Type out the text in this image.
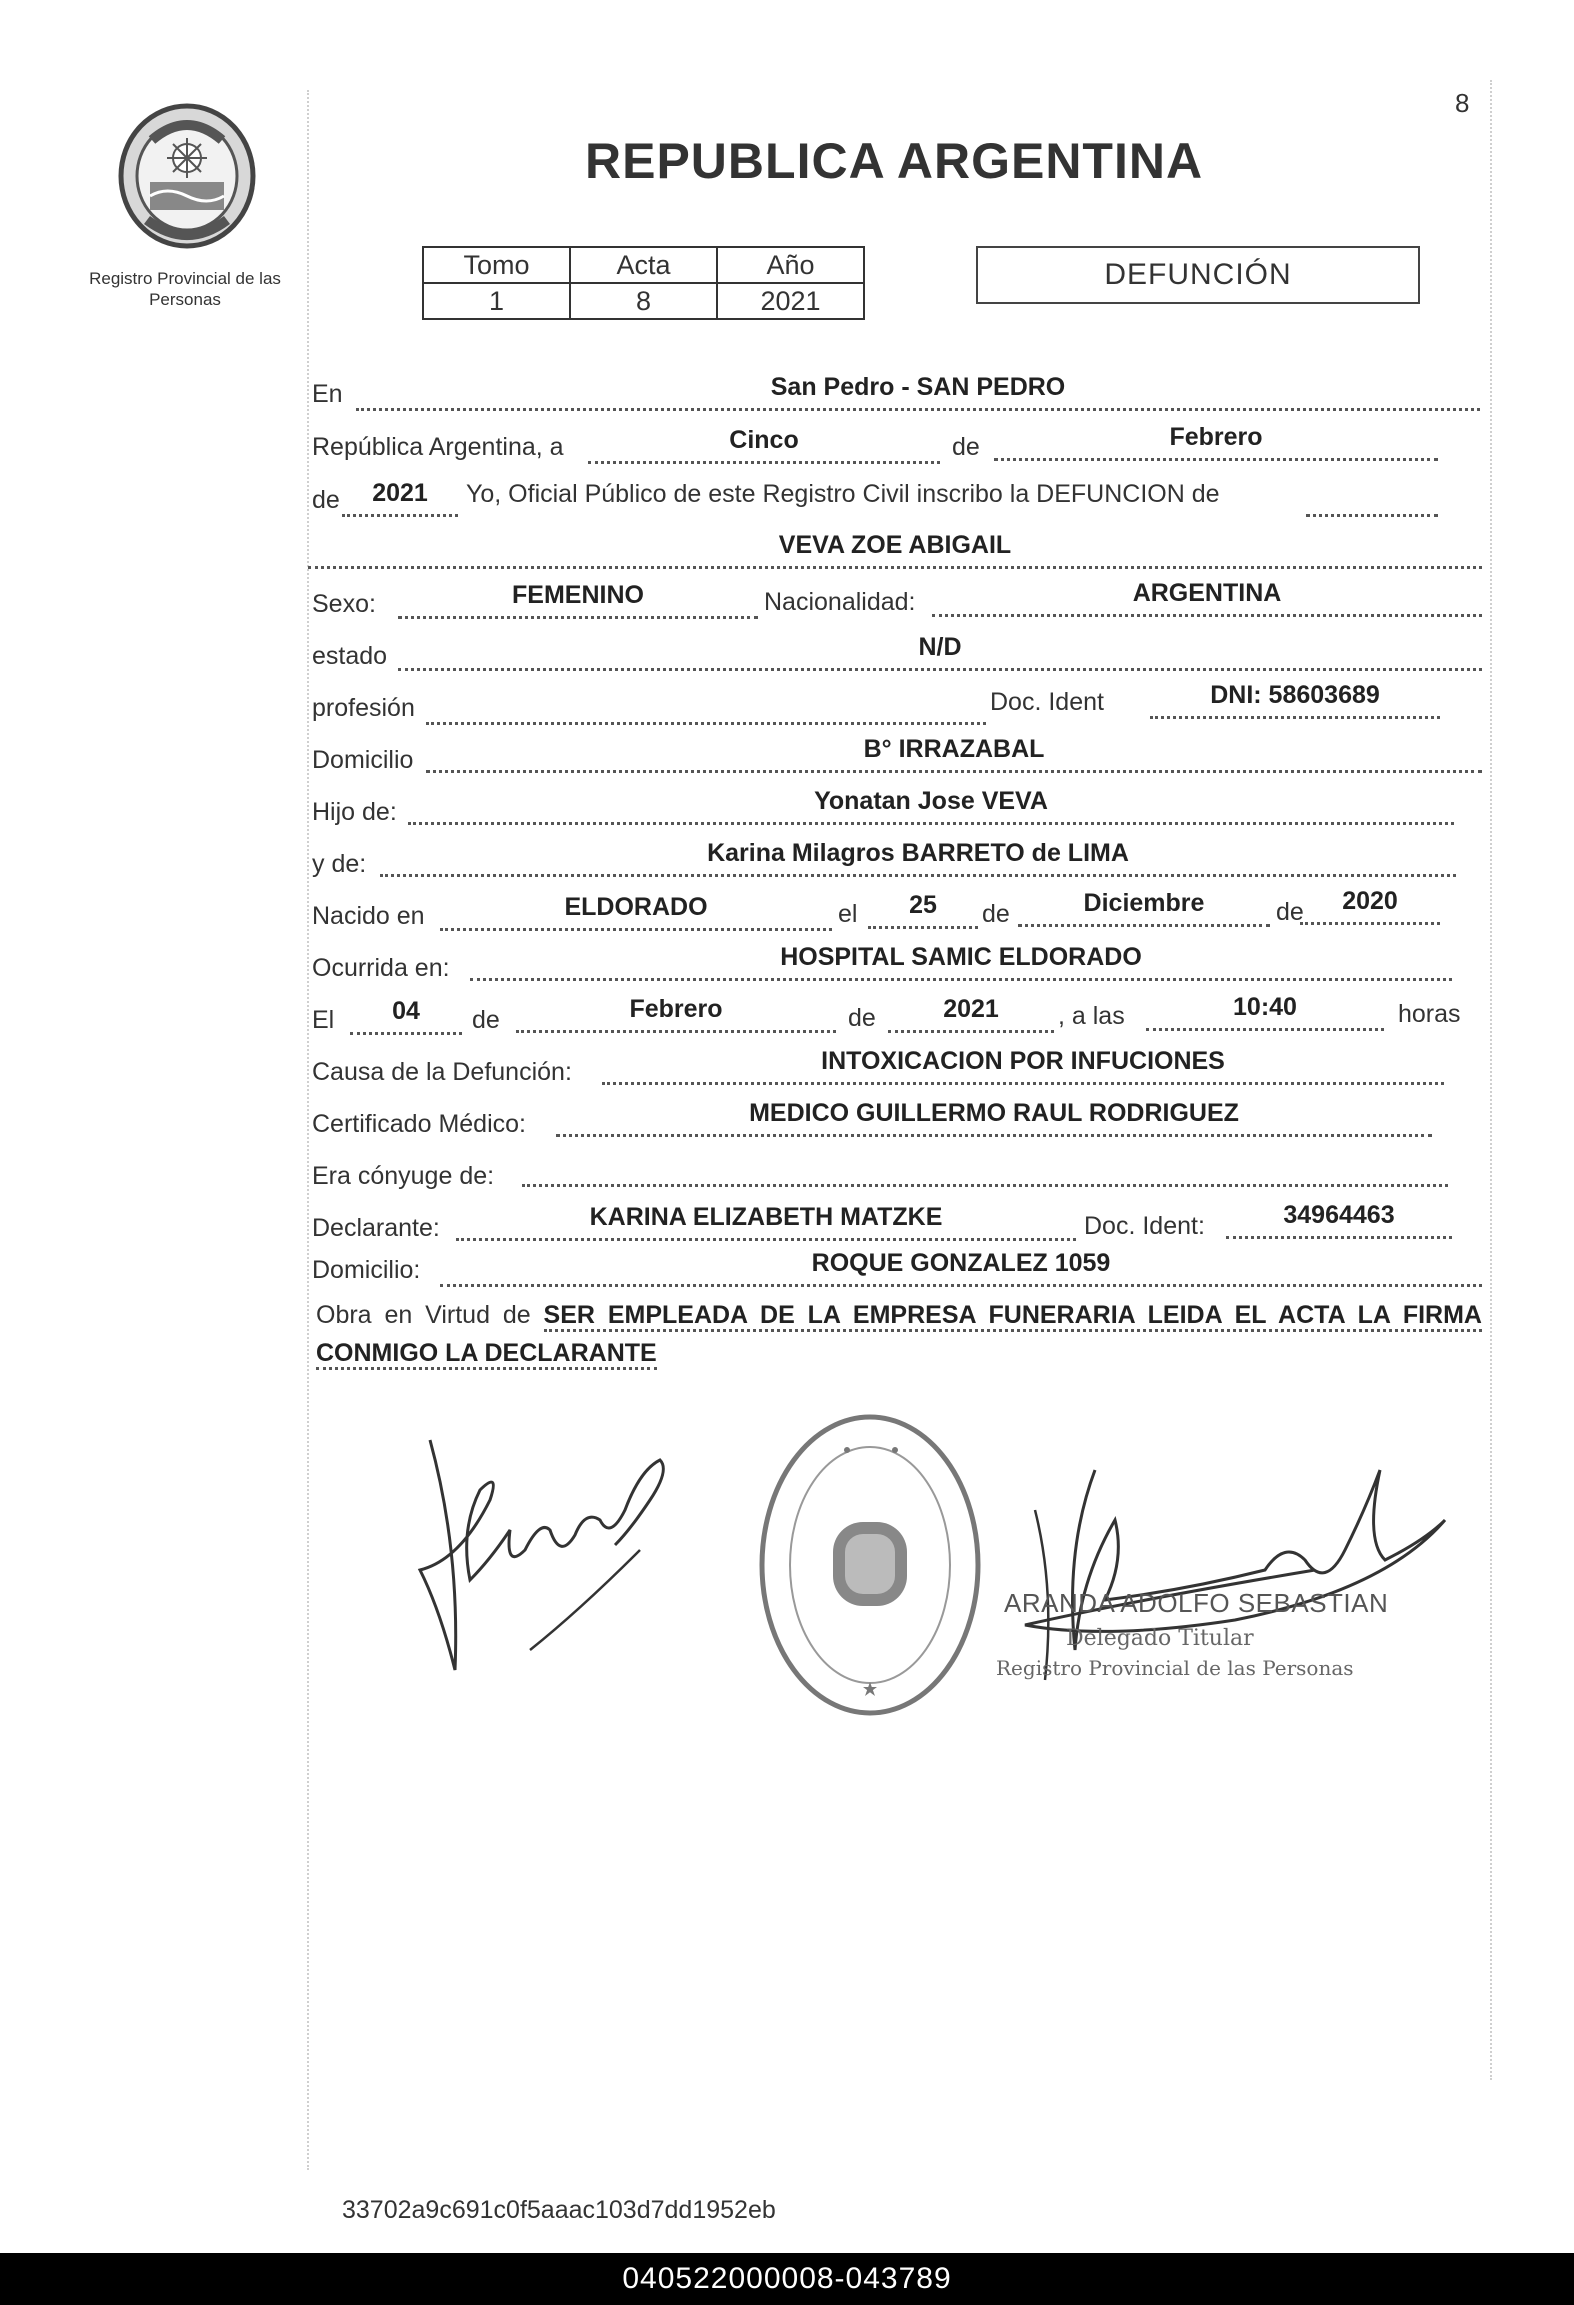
8
Registro Provincial de las Personas
REPUBLICA ARGENTINA
Tomo	Acta	Año
1	8	2021
DEFUNCIÓN
En	San Pedro - SAN PEDRO
República Argentina, a	Cinco	de	Febrero
de	2021	Yo, Oficial Público de este Registro Civil inscribo la DEFUNCION de
VEVA ZOE ABIGAIL
Sexo:	FEMENINO	Nacionalidad:	ARGENTINA
estado	N/D
profesión	Doc. Ident	DNI: 58603689
Domicilio	B° IRRAZABAL
Hijo de:	Yonatan Jose VEVA
y de:	Karina Milagros BARRETO de LIMA
Nacido en	ELDORADO	el	25	de	Diciembre	de	2020
Ocurrida en:	HOSPITAL SAMIC ELDORADO
El	04	de	Febrero	de	2021	, a las	10:40	horas
Causa de la Defunción:	INTOXICACION POR INFUCIONES
Certificado Médico:	MEDICO GUILLERMO RAUL RODRIGUEZ
Era cónyuge de:
Declarante:	KARINA ELIZABETH MATZKE	Doc. Ident:	34964463
Domicilio:	ROQUE GONZALEZ 1059
Obra en Virtud de SER EMPLEADA DE LA EMPRESA FUNERARIA LEIDA EL ACTA LA FIRMA CONMIGO LA DECLARANTE
ARANDA ADOLFO SEBASTIAN
Delegado Titular
Registro Provincial de las Personas
33702a9c691c0f5aaac103d7dd1952eb
040522000008-043789
